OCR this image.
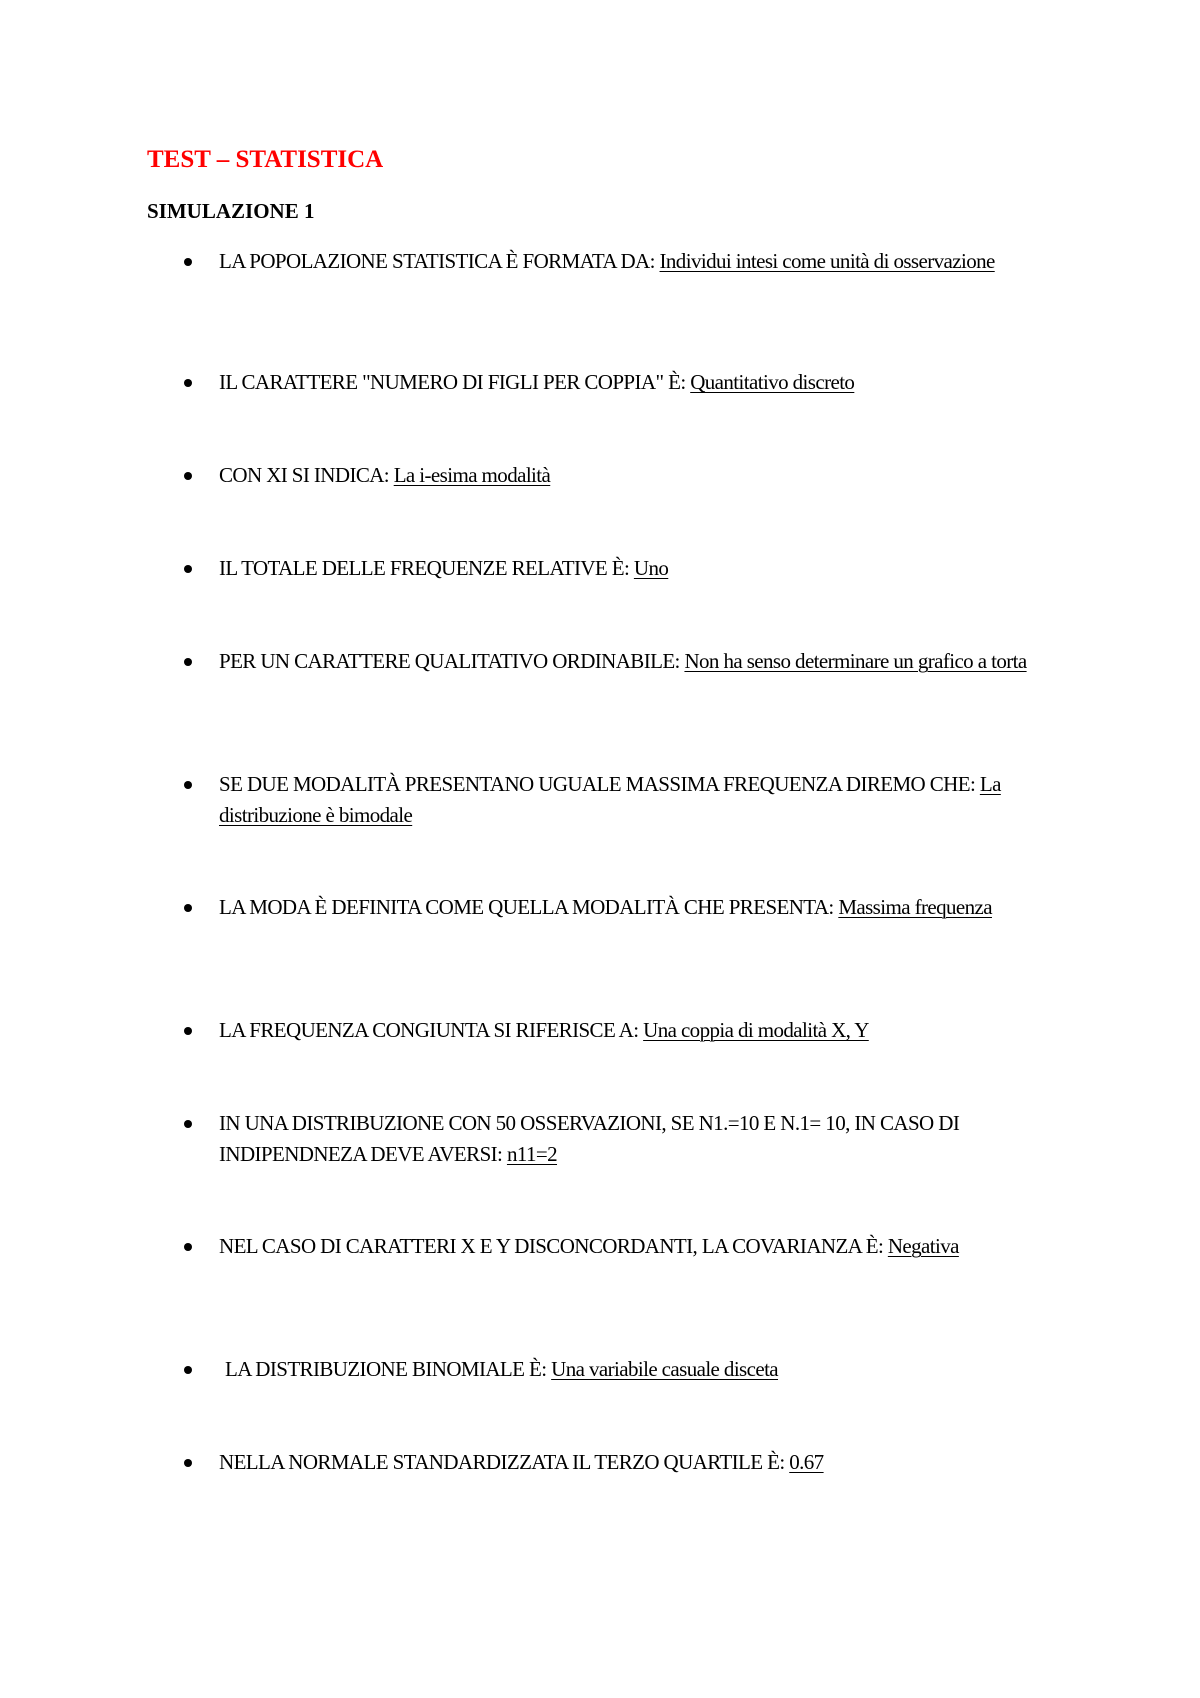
TEST – STATISTICA
SIMULAZIONE 1
LA POPOLAZIONE STATISTICA È FORMATA DA: Individui intesi come unità di osservazione
IL CARATTERE "NUMERO DI FIGLI PER COPPIA" È: Quantitativo discreto
CON XI SI INDICA: La i-esima modalità
IL TOTALE DELLE FREQUENZE RELATIVE È: Uno
PER UN CARATTERE QUALITATIVO ORDINABILE: Non ha senso determinare un grafico a torta
SE DUE MODALITÀ PRESENTANO UGUALE MASSIMA FREQUENZA DIREMO CHE: La distribuzione è bimodale
LA MODA È DEFINITA COME QUELLA MODALITÀ CHE PRESENTA: Massima frequenza
LA FREQUENZA CONGIUNTA SI RIFERISCE A: Una coppia di modalità X, Y
IN UNA DISTRIBUZIONE CON 50 OSSERVAZIONI, SE N1.=10 E N.1= 10, IN CASO DI INDIPENDNEZA DEVE AVERSI: n11=2
NEL CASO DI CARATTERI X E Y DISCONCORDANTI, LA COVARIANZA È: Negativa
LA DISTRIBUZIONE BINOMIALE È: Una variabile casuale disceta
NELLA NORMALE STANDARDIZZATA IL TERZO QUARTILE È: 0.67
